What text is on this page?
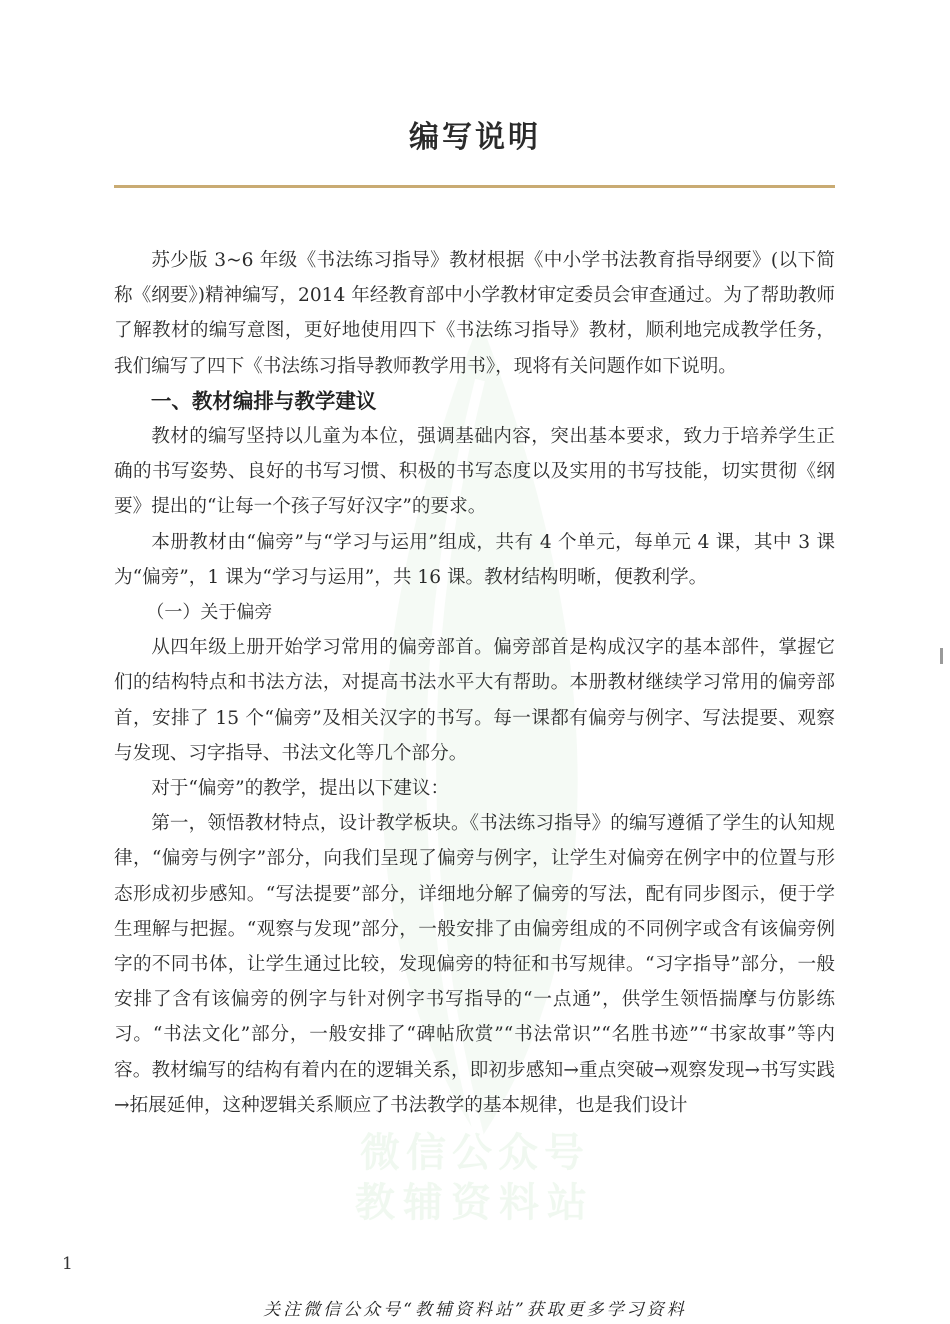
编写说明

苏少版 3~6 年级《书法练习指导》教材根据《中小学书法教育指导纲要》(以下简称《纲要》)精神编写，2014 年经教育部中小学教材审定委员会审查通过。为了帮助教师了解教材的编写意图，更好地使用四下《书法练习指导》教材，顺利地完成教学任务，我们编写了四下《书法练习指导教师教学用书》，现将有关问题作如下说明。

一、教材编排与教学建议

教材的编写坚持以儿童为本位，强调基础内容，突出基本要求，致力于培养学生正确的书写姿势、良好的书写习惯、积极的书写态度以及实用的书写技能，切实贯彻《纲要》提出的“让每一个孩子写好汉字”的要求。

本册教材由“偏旁”与“学习与运用”组成，共有 4 个单元，每单元 4 课，其中 3 课为“偏旁”，1 课为“学习与运用”，共 16 课。教材结构明晰，便教利学。

（一）关于偏旁

从四年级上册开始学习常用的偏旁部首。偏旁部首是构成汉字的基本部件，掌握它们的结构特点和书法方法，对提高书法水平大有帮助。本册教材继续学习常用的偏旁部首，安排了 15 个“偏旁”及相关汉字的书写。每一课都有偏旁与例字、写法提要、观察与发现、习字指导、书法文化等几个部分。

对于“偏旁”的教学，提出以下建议：

第一，领悟教材特点，设计教学板块。《书法练习指导》的编写遵循了学生的认知规律，“偏旁与例字”部分，向我们呈现了偏旁与例字，让学生对偏旁在例字中的位置与形态形成初步感知。“写法提要”部分，详细地分解了偏旁的写法，配有同步图示，便于学生理解与把握。“观察与发现”部分，一般安排了由偏旁组成的不同例字或含有该偏旁例字的不同书体，让学生通过比较，发现偏旁的特征和书写规律。“习字指导”部分，一般安排了含有该偏旁的例字与针对例字书写指导的“一点通”，供学生领悟揣摩与仿影练习。“书法文化”部分，一般安排了“碑帖欣赏”“书法常识”“名胜书迹”“书家故事”等内容。教材编写的结构有着内在的逻辑关系，即初步感知→重点突破→观察发现→书写实践→拓展延伸，这种逻辑关系顺应了书法教学的基本规律，也是我们设计

微信公众号
教辅资料站
1
关注微信公众号“教辅资料站”获取更多学习资料
